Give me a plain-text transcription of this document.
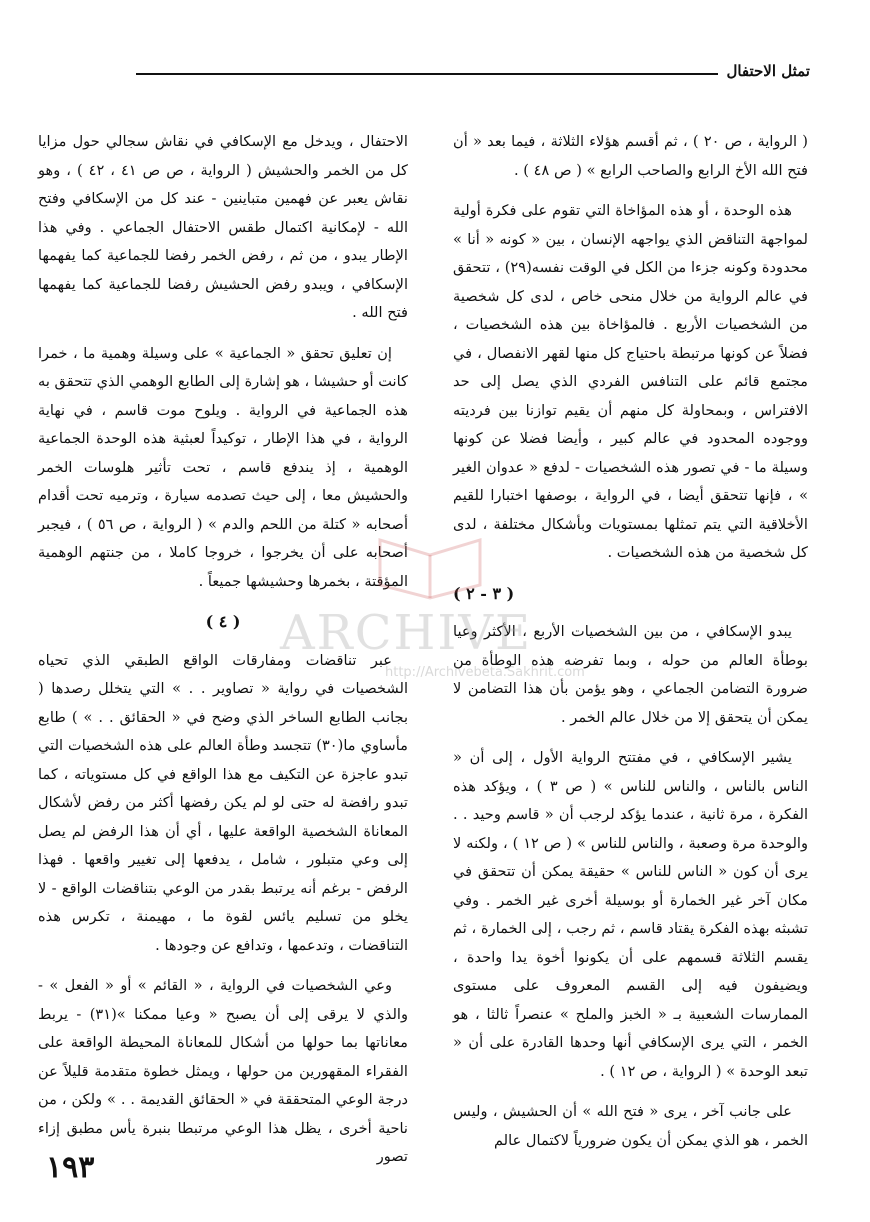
تمثل الاحتفال

( الرواية ، ص ٢٠ ) ، ثم أقسم هؤلاء الثلاثة ، فيما بعد « أن فتح الله الأخ الرابع والصاحب الرابع » ( ص ٤٨ ) .

هذه الوحدة ، أو هذه المؤاخاة التي تقوم على فكرة أولية لمواجهة التناقض الذي يواجهه الإنسان ، بين « كونه « أنا » محدودة وكونه جزءا من الكل في الوقت نفسه(٢٩) ، تتحقق في عالم الرواية من خلال منحى خاص ، لدى كل شخصية من الشخصيات الأربع . فالمؤاخاة بين هذه الشخصيات ، فضلاً عن كونها مرتبطة باحتياج كل منها لقهر الانفصال ، في مجتمع قائم على التنافس الفردي الذي يصل إلى حد الافتراس ، وبمحاولة كل منهم أن يقيم توازنا بين فرديته ووجوده المحدود في عالم كبير ، وأيضا فضلا عن كونها وسيلة ما - في تصور هذه الشخصيات - لدفع « عدوان الغير » ، فإنها تتحقق أيضا ، في الرواية ، بوصفها اختبارا للقيم الأخلاقية التي يتم تمثلها بمستويات وبأشكال مختلفة ، لدى كل شخصية من هذه الشخصيات .

( ٣ - ٢ )

يبدو الإسكافي ، من بين الشخصيات الأربع ، الأكثر وعيا بوطأة العالم من حوله ، وبما تفرضه هذه الوطأة من ضرورة التضامن الجماعي ، وهو يؤمن بأن هذا التضامن لا يمكن أن يتحقق إلا من خلال عالم الخمر .

يشير الإسكافي ، في مفتتح الرواية الأول ، إلى أن « الناس بالناس ، والناس للناس » ( ص ٣ ) ، ويؤكد هذه الفكرة ، مرة ثانية ، عندما يؤكد لرجب أن « قاسم وحيد . . والوحدة مرة وصعبة ، والناس للناس » ( ص ١٢ ) ، ولكنه لا يرى أن كون « الناس للناس » حقيقة يمكن أن تتحقق في مكان آخر غير الخمارة أو بوسيلة أخرى غير الخمر . وفي تشبثه بهذه الفكرة يقتاد قاسم ، ثم رجب ، إلى الخمارة ، ثم يقسم الثلاثة قسمهم على أن يكونوا أخوة يدا واحدة ، ويضيفون فيه إلى القسم المعروف على مستوى الممارسات الشعبية بـ « الخبز والملح » عنصراً ثالثا ، هو الخمر ، التي يرى الإسكافي أنها وحدها القادرة على أن « تبعد الوحدة » ( الرواية ، ص ١٢ ) .

على جانب آخر ، يرى « فتح الله » أن الحشيش ، وليس الخمر ، هو الذي يمكن أن يكون ضرورياً لاكتمال عالم

الاحتفال ، ويدخل مع الإسكافي في نقاش سجالي حول مزايا كل من الخمر والحشيش ( الرواية ، ص ص ٤١ ، ٤٢ ) ، وهو نقاش يعبر عن فهمين متباينين - عند كل من الإسكافي وفتح الله - لإمكانية اكتمال طقس الاحتفال الجماعي . وفي هذا الإطار يبدو ، من ثم ، رفض الخمر رفضا للجماعية كما يفهمها الإسكافي ، ويبدو رفض الحشيش رفضا للجماعية كما يفهمها فتح الله .

إن تعليق تحقق « الجماعية » على وسيلة وهمية ما ، خمرا كانت أو حشيشا ، هو إشارة إلى الطابع الوهمي الذي تتحقق به هذه الجماعية في الرواية . ويلوح موت قاسم ، في نهاية الرواية ، في هذا الإطار ، توكيداً لعبثية هذه الوحدة الجماعية الوهمية ، إذ يندفع قاسم ، تحت تأثير هلوسات الخمر والحشيش معا ، إلى حيث تصدمه سيارة ، وترميه تحت أقدام أصحابه « كتلة من اللحم والدم » ( الرواية ، ص ٥٦ ) ، فيجبر أصحابه على أن يخرجوا ، خروجا كاملا ، من جنتهم الوهمية المؤقتة ، بخمرها وحشيشها جميعاً .

( ٤ )

عبر تناقضات ومفارقات الواقع الطبقي الذي تحياه الشخصيات في رواية « تصاوير . . » التي يتخلل رصدها ( بجانب الطابع الساخر الذي وضح في « الحقائق . . » ) طابع مأساوي ما(٣٠) تتجسد وطأة العالم على هذه الشخصيات التي تبدو عاجزة عن التكيف مع هذا الواقع في كل مستوياته ، كما تبدو رافضة له حتى لو لم يكن رفضها أكثر من رفض لأشكال المعاناة الشخصية الواقعة عليها ، أي أن هذا الرفض لم يصل إلى وعي متبلور ، شامل ، يدفعها إلى تغيير واقعها . فهذا الرفض - برغم أنه يرتبط بقدر من الوعي بتناقضات الواقع - لا يخلو من تسليم يائس لقوة ما ، مهيمنة ، تكرس هذه التناقضات ، وتدعمها ، وتدافع عن وجودها .

وعي الشخصيات في الرواية ، « القائم » أو « الفعل » - والذي لا يرقى إلى أن يصبح « وعيا ممكنا »(٣١) - يربط معاناتها بما حولها من أشكال للمعاناة المحيطة الواقعة على الفقراء المقهورين من حولها ، ويمثل خطوة متقدمة قليلاً عن درجة الوعي المتحققة في « الحقائق القديمة . . » ولكن ، من ناحية أخرى ، يظل هذا الوعي مرتبطا بنبرة يأس مطبق إزاء تصور

ARCHIVE
http://Archivebeta.Sakhrit.com
١٩٣
